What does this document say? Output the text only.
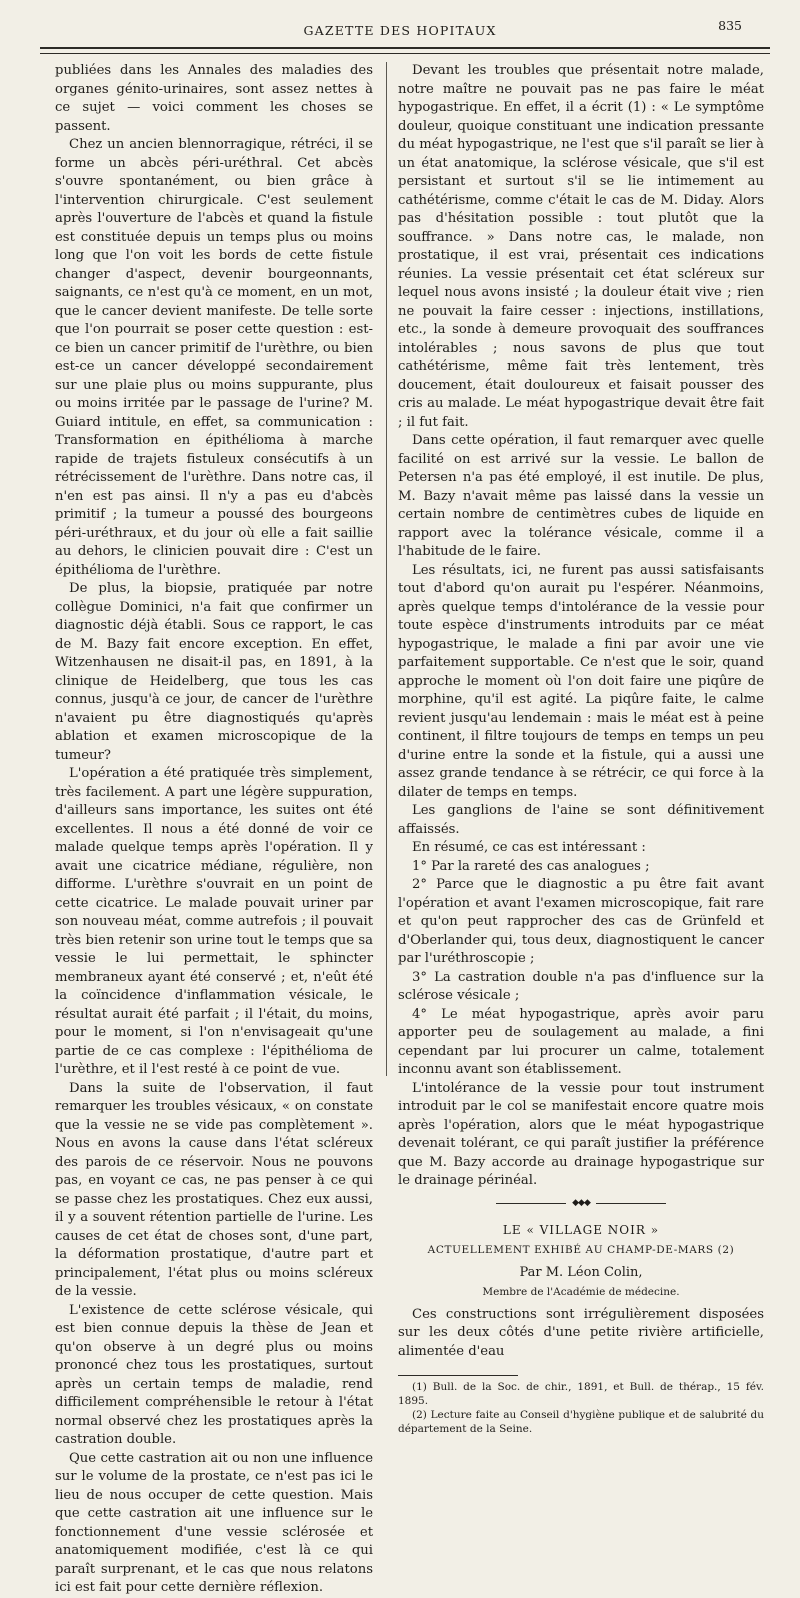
GAZETTE DES HOPITAUX	835

publiées dans les Annales des maladies des organes génito-urinaires, sont assez nettes à ce sujet — voici comment les choses se passent.

Chez un ancien blennorragique, rétréci, il se forme un abcès péri-uréthral. Cet abcès s'ouvre spontanément, ou bien grâce à l'intervention chirurgicale. C'est seulement après l'ouverture de l'abcès et quand la fistule est constituée depuis un temps plus ou moins long que l'on voit les bords de cette fistule changer d'aspect, devenir bourgeonnants, saignants, ce n'est qu'à ce moment, en un mot, que le cancer devient manifeste. De telle sorte que l'on pourrait se poser cette question : est-ce bien un cancer primitif de l'urèthre, ou bien est-ce un cancer développé secondairement sur une plaie plus ou moins suppurante, plus ou moins irritée par le passage de l'urine? M. Guiard intitule, en effet, sa communication : Transformation en épithélioma à marche rapide de trajets fistuleux consécutifs à un rétrécissement de l'urèthre. Dans notre cas, il n'en est pas ainsi. Il n'y a pas eu d'abcès primitif ; la tumeur a poussé des bourgeons péri-uréthraux, et du jour où elle a fait saillie au dehors, le clinicien pouvait dire : C'est un épithélioma de l'urèthre.

De plus, la biopsie, pratiquée par notre collègue Dominici, n'a fait que confirmer un diagnostic déjà établi. Sous ce rapport, le cas de M. Bazy fait encore exception. En effet, Witzenhausen ne disait-il pas, en 1891, à la clinique de Heidelberg, que tous les cas connus, jusqu'à ce jour, de cancer de l'urèthre n'avaient pu être diagnostiqués qu'après ablation et examen microscopique de la tumeur?

L'opération a été pratiquée très simplement, très facilement. A part une légère suppuration, d'ailleurs sans importance, les suites ont été excellentes. Il nous a été donné de voir ce malade quelque temps après l'opération. Il y avait une cicatrice médiane, régulière, non difforme. L'urèthre s'ouvrait en un point de cette cicatrice. Le malade pouvait uriner par son nouveau méat, comme autrefois ; il pouvait très bien retenir son urine tout le temps que sa vessie le lui permettait, le sphincter membraneux ayant été conservé ; et, n'eût été la coïncidence d'inflammation vésicale, le résultat aurait été parfait ; il l'était, du moins, pour le moment, si l'on n'envisageait qu'une partie de ce cas complexe : l'épithélioma de l'urèthre, et il l'est resté à ce point de vue.

Dans la suite de l'observation, il faut remarquer les troubles vésicaux, « on constate que la vessie ne se vide pas complètement ». Nous en avons la cause dans l'état scléreux des parois de ce réservoir. Nous ne pouvons pas, en voyant ce cas, ne pas penser à ce qui se passe chez les prostatiques. Chez eux aussi, il y a souvent rétention partielle de l'urine. Les causes de cet état de choses sont, d'une part, la déformation prostatique, d'autre part et principalement, l'état plus ou moins scléreux de la vessie.

L'existence de cette sclérose vésicale, qui est bien connue depuis la thèse de Jean et qu'on observe à un degré plus ou moins prononcé chez tous les prostatiques, surtout après un certain temps de maladie, rend difficilement compréhensible le retour à l'état normal observé chez les prostatiques après la castration double.

Que cette castration ait ou non une influence sur le volume de la prostate, ce n'est pas ici le lieu de nous occuper de cette question. Mais que cette castration ait une influence sur le fonctionnement d'une vessie sclérosée et anatomiquement modifiée, c'est là ce qui paraît surprenant, et le cas que nous relatons ici est fait pour cette dernière réflexion.

Devant les troubles que présentait notre malade, notre maître ne pouvait pas ne pas faire le méat hypogastrique. En effet, il a écrit (1) : « Le symptôme douleur, quoique constituant une indication pressante du méat hypogastrique, ne l'est que s'il paraît se lier à un état anatomique, la sclérose vésicale, que s'il est persistant et surtout s'il se lie intimement au cathétérisme, comme c'était le cas de M. Diday. Alors pas d'hésitation possible : tout plutôt que la souffrance. » Dans notre cas, le malade, non prostatique, il est vrai, présentait ces indications réunies. La vessie présentait cet état scléreux sur lequel nous avons insisté ; la douleur était vive ; rien ne pouvait la faire cesser : injections, instillations, etc., la sonde à demeure provoquait des souffrances intolérables ; nous savons de plus que tout cathétérisme, même fait très lentement, très doucement, était douloureux et faisait pousser des cris au malade. Le méat hypogastrique devait être fait ; il fut fait.

Dans cette opération, il faut remarquer avec quelle facilité on est arrivé sur la vessie. Le ballon de Petersen n'a pas été employé, il est inutile. De plus, M. Bazy n'avait même pas laissé dans la vessie un certain nombre de centimètres cubes de liquide en rapport avec la tolérance vésicale, comme il a l'habitude de le faire.

Les résultats, ici, ne furent pas aussi satisfaisants tout d'abord qu'on aurait pu l'espérer. Néanmoins, après quelque temps d'intolérance de la vessie pour toute espèce d'instruments introduits par ce méat hypogastrique, le malade a fini par avoir une vie parfaitement supportable. Ce n'est que le soir, quand approche le moment où l'on doit faire une piqûre de morphine, qu'il est agité. La piqûre faite, le calme revient jusqu'au lendemain : mais le méat est à peine continent, il filtre toujours de temps en temps un peu d'urine entre la sonde et la fistule, qui a aussi une assez grande tendance à se rétrécir, ce qui force à la dilater de temps en temps.

Les ganglions de l'aine se sont définitivement affaissés.

En résumé, ce cas est intéressant :

1° Par la rareté des cas analogues ;

2° Parce que le diagnostic a pu être fait avant l'opération et avant l'examen microscopique, fait rare et qu'on peut rapprocher des cas de Grünfeld et d'Oberlander qui, tous deux, diagnostiquent le cancer par l'uréthroscopie ;

3° La castration double n'a pas d'influence sur la sclérose vésicale ;

4° Le méat hypogastrique, après avoir paru apporter peu de soulagement au malade, a fini cependant par lui procurer un calme, totalement inconnu avant son établissement.

L'intolérance de la vessie pour tout instrument introduit par le col se manifestait encore quatre mois après l'opération, alors que le méat hypogastrique devenait tolérant, ce qui paraît justifier la préférence que M. Bazy accorde au drainage hypogastrique sur le drainage périnéal.

◆◆◆
LE « VILLAGE NOIR »
ACTUELLEMENT EXHIBÉ AU CHAMP-DE-MARS (2)
Par M. Léon Colin,
Membre de l'Académie de médecine.

Ces constructions sont irrégulièrement disposées sur les deux côtés d'une petite rivière artificielle, alimentée d'eau

(1) Bull. de la Soc. de chir., 1891, et Bull. de thérap., 15 fév. 1895.

(2) Lecture faite au Conseil d'hygiène publique et de salubrité du département de la Seine.
